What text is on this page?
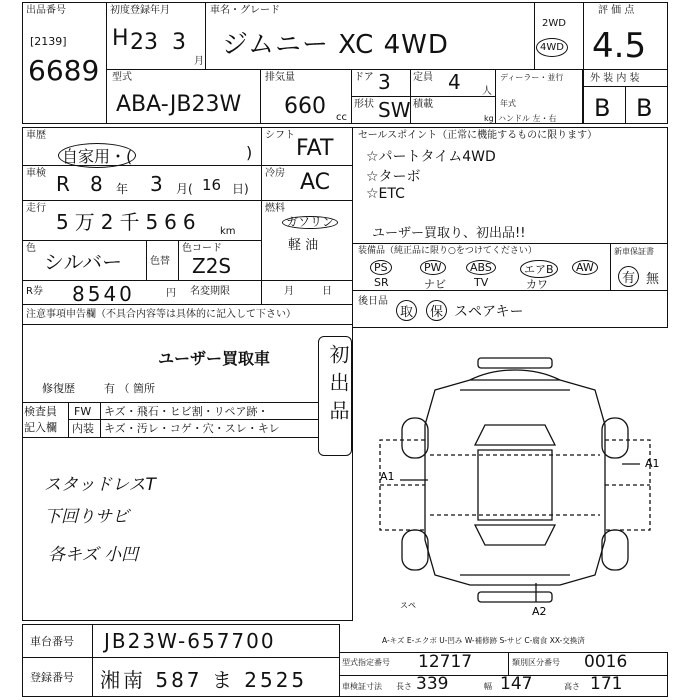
出品番号
[2139]
6689
初度登録年月
H 23 3
月
車名・グレード
ジムニー XC 4WD
2WD
4WD
評 価 点
4.5
型式
ABA-JB23W
排気量
660 cc
ドア 3 定員 4 人
ディーラー・並行
年式
ハンドル 左・右
形状 SW 積載
kg
外 装 内 装
B B
車歴
自家用・(	)
車検 R 8 年 3 月( 16 日)
走行
5万2千566 km
色
シルバー	色替
色コード
Z2S
R券 8540	円
シフト
FAT
冷房 AC
燃料
ガソリン
軽 油
名変期限	月	日
セールスポイント（正常に機能するものに限ります）
☆パートタイム4WD
☆ターボ
☆ETC
ユーザー買取り、初出品!!
装備品（純正品に限り○をつけてください）	新車保証書
PS	PW	ABS	エアB	AW
SR	ナビ	TV	カワ	有 無
後日品
取	保 スペアキー
注意事項申告欄（不具合内容等は具体的に記入して下さい）
ユーザー買取車
修復歴	有 （ 箇所	初出品
検査員
記入欄
FW キズ・飛石・ヒビ割・リペア跡・
内装 キズ・汚レ・コゲ・穴・スレ・キレ
スタッドレスT
下回りサビ
各キズ 小凹
A1
A1
A2
スペ
A-キズ E-エクボ U-凹み W-補修跡 S-サビ C-腐食 XX-交換済
車台番号 JB23W-657700
登録番号 湘南 587 ま 2525
型式指定番号 12717	類別区分番号 0016
車検証寸法 長さ 339	幅 147	高さ 171
